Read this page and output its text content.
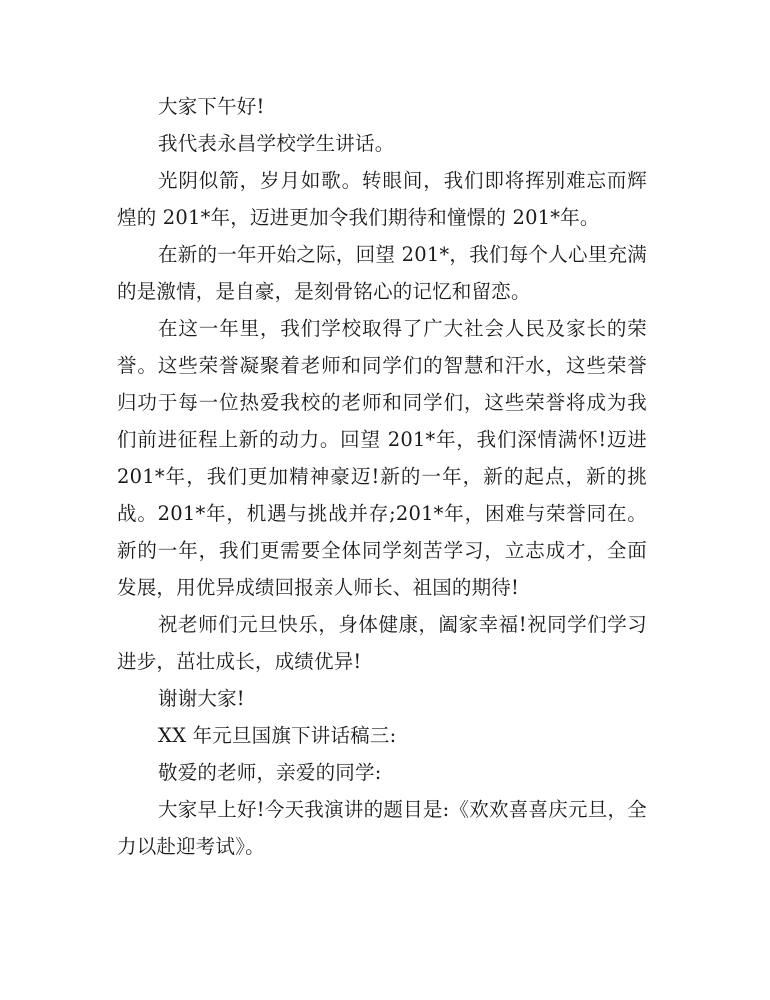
大家下午好!

我代表永昌学校学生讲话。

光阴似箭，岁月如歌。转眼间，我们即将挥别难忘而辉煌的 201*年，迈进更加令我们期待和憧憬的 201*年。

在新的一年开始之际，回望 201*，我们每个人心里充满的是激情，是自豪，是刻骨铭心的记忆和留恋。

在这一年里，我们学校取得了广大社会人民及家长的荣誉。这些荣誉凝聚着老师和同学们的智慧和汗水，这些荣誉归功于每一位热爱我校的老师和同学们，这些荣誉将成为我们前进征程上新的动力。回望 201*年，我们深情满怀!迈进 201*年，我们更加精神豪迈!新的一年，新的起点，新的挑战。201*年，机遇与挑战并存;201*年，困难与荣誉同在。新的一年，我们更需要全体同学刻苦学习，立志成才，全面发展，用优异成绩回报亲人师长、祖国的期待!

祝老师们元旦快乐，身体健康，阖家幸福!祝同学们学习进步，茁壮成长，成绩优异!

谢谢大家!

XX 年元旦国旗下讲话稿三:

敬爱的老师，亲爱的同学:

大家早上好!今天我演讲的题目是:《欢欢喜喜庆元旦，全力以赴迎考试》。
